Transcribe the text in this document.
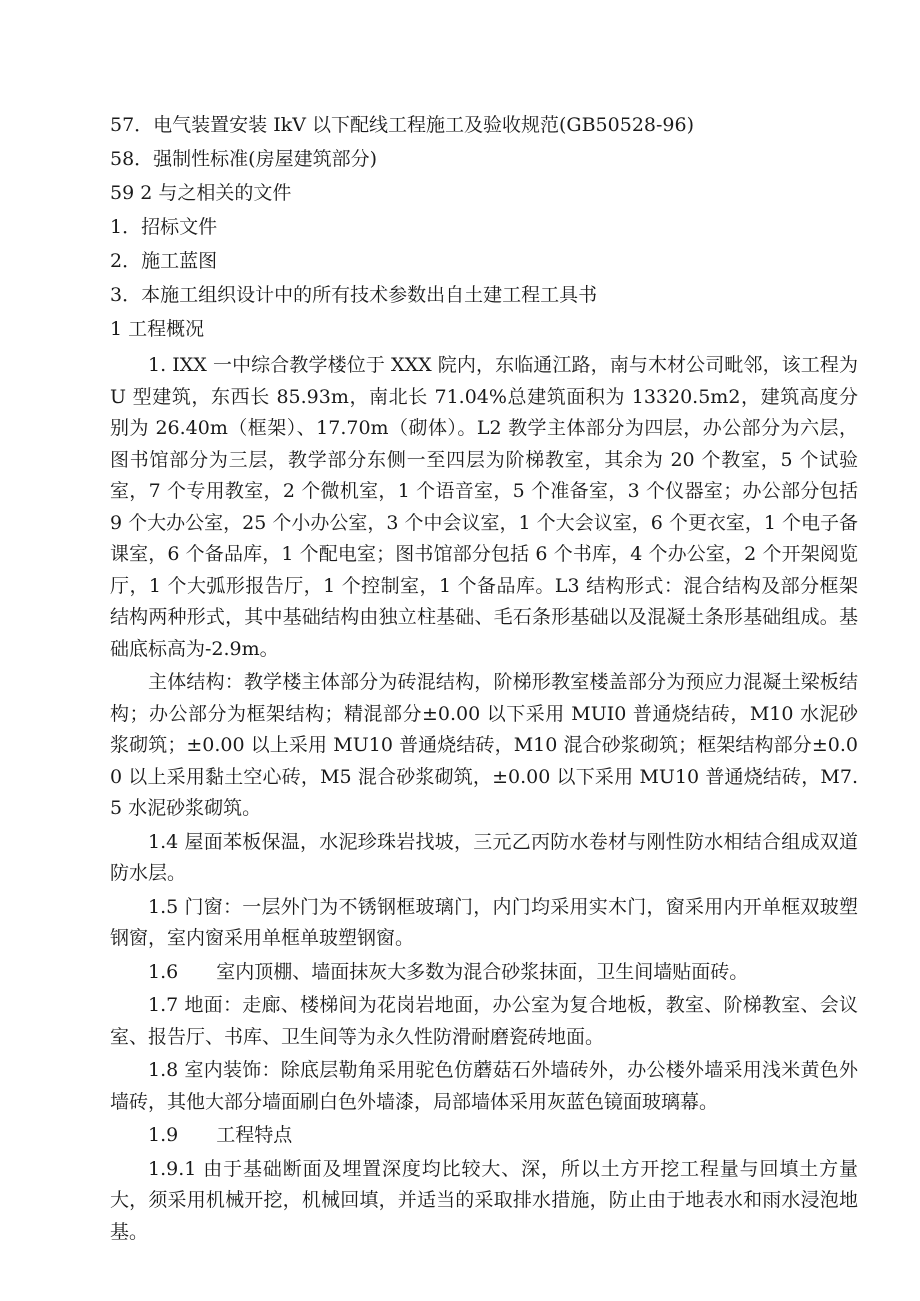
57．电气装置安装 IkV 以下配线工程施工及验收规范(GB50528-96)

58．强制性标准(房屋建筑部分)

59 2 与之相关的文件

1．招标文件

2．施工蓝图

3．本施工组织设计中的所有技术参数出自土建工程工具书

1 工程概况

1. IXX 一中综合教学楼位于 XXX 院内，东临通江路，南与木材公司毗邻，该工程为 U 型建筑，东西长 85.93m，南北长 71.04%总建筑面积为 13320.5m2，建筑高度分别为 26.40m（框架）、17.70m（砌体）。L2 教学主体部分为四层，办公部分为六层，图书馆部分为三层，教学部分东侧一至四层为阶梯教室，其余为 20 个教室，5 个试验室，7 个专用教室，2 个微机室，1 个语音室，5 个准备室，3 个仪器室；办公部分包括 9 个大办公室，25 个小办公室，3 个中会议室，1 个大会议室，6 个更衣室，1 个电子备课室，6 个备品库，1 个配电室；图书馆部分包括 6 个书库，4 个办公室，2 个开架阅览厅，1 个大弧形报告厅，1 个控制室，1 个备品库。L3 结构形式：混合结构及部分框架结构两种形式，其中基础结构由独立柱基础、毛石条形基础以及混凝土条形基础组成。基础底标高为-2.9m。

主体结构：教学楼主体部分为砖混结构，阶梯形教室楼盖部分为预应力混凝土梁板结构；办公部分为框架结构；精混部分±0.00 以下采用 MUI0 普通烧结砖，M10 水泥砂浆砌筑；±0.00 以上采用 MU10 普通烧结砖，M10 混合砂浆砌筑；框架结构部分±0.00 以上采用黏土空心砖，M5 混合砂浆砌筑，±0.00 以下采用 MU10 普通烧结砖，M7.5 水泥砂浆砌筑。

1.4 屋面苯板保温，水泥珍珠岩找坡，三元乙丙防水卷材与刚性防水相结合组成双道防水层。

1.5 门窗：一层外门为不锈钢框玻璃门，内门均采用实木门，窗采用内开单框双玻塑钢窗，室内窗采用单框单玻塑钢窗。

1.6　　室内顶棚、墙面抹灰大多数为混合砂浆抹面，卫生间墙贴面砖。

1.7 地面：走廊、楼梯间为花岗岩地面，办公室为复合地板，教室、阶梯教室、会议室、报告厅、书库、卫生间等为永久性防滑耐磨瓷砖地面。

1.8 室内装饰：除底层勒角采用驼色仿蘑菇石外墙砖外，办公楼外墙采用浅米黄色外墙砖，其他大部分墙面刷白色外墙漆，局部墙体采用灰蓝色镜面玻璃幕。

1.9　　工程特点

1.9.1 由于基础断面及埋置深度均比较大、深，所以土方开挖工程量与回填土方量大，须采用机械开挖，机械回填，并适当的采取排水措施，防止由于地表水和雨水浸泡地基。
